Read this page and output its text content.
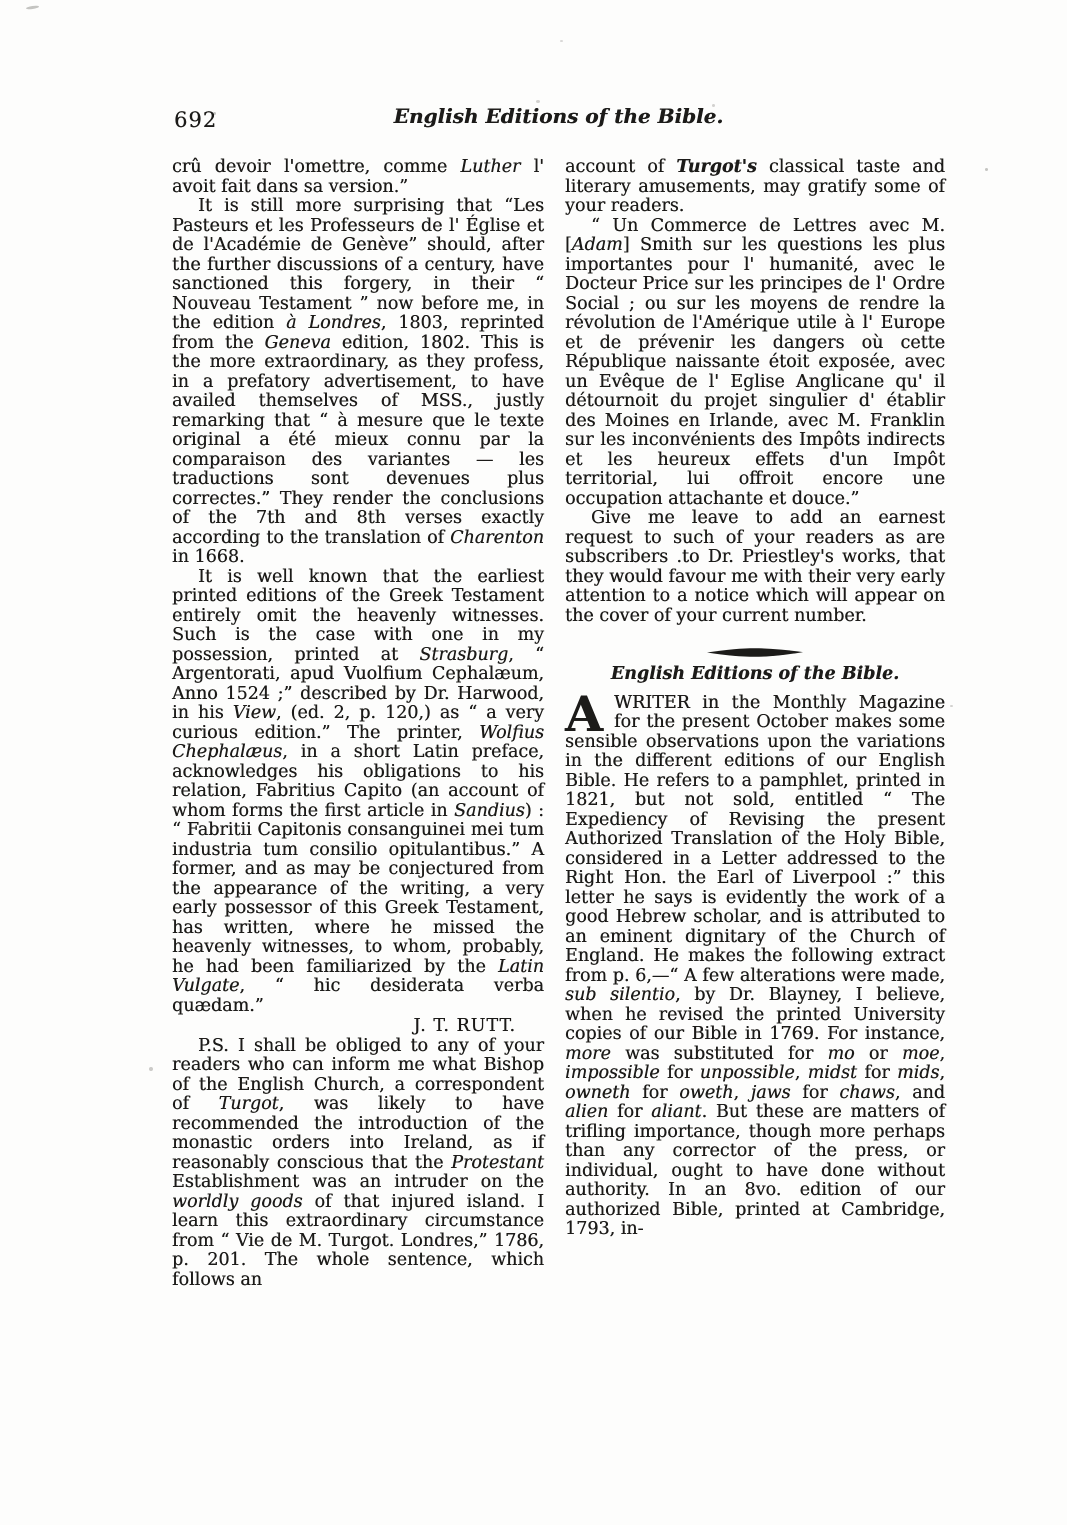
692	English Editions of the Bible.

crû devoir l'omettre, comme Luther l' avoit fait dans sa version.”

It is still more surprising that “Les Pasteurs et les Professeurs de l' Église et de l'Académie de Genève” should, after the further discussions of a century, have sanctioned this forgery, in their “ Nouveau Testament ” now before me, in the edition à Londres, 1803, reprinted from the Geneva edition, 1802. This is the more extraordinary, as they profess, in a prefatory advertisement, to have availed themselves of MSS., justly remarking that “ à mesure que le texte original a été mieux connu par la comparaison des variantes — les traductions sont devenues plus correctes.” They render the conclusions of the 7th and 8th verses exactly according to the translation of Charenton in 1668.

It is well known that the earliest printed editions of the Greek Testament entirely omit the heavenly witnesses. Such is the case with one in my possession, printed at Strasburg, “ Argentorati, apud Vuolfium Cephalæum, Anno 1524 ;” described by Dr. Harwood, in his View, (ed. 2, p. 120,) as “ a very curious edition.” The printer, Wolfius Chephalæus, in a short Latin preface, acknowledges his obligations to his relation, Fabritius Capito (an account of whom forms the first article in Sandius) : “ Fabritii Capitonis consanguinei mei tum industria tum consilio opitulantibus.” A former, and as may be conjectured from the appearance of the writing, a very early possessor of this Greek Testament, has written, where he missed the heavenly witnesses, to whom, probably, he had been familiarized by the Latin Vulgate, “ hic desiderata verba quædam.”

J. T. RUTT.

P.S. I shall be obliged to any of your readers who can inform me what Bishop of the English Church, a correspondent of Turgot, was likely to have recommended the introduction of the monastic orders into Ireland, as if reasonably conscious that the Protestant Establishment was an intruder on the worldly goods of that injured island. I learn this extraordinary circumstance from “ Vie de M. Turgot. Londres,” 1786, p. 201. The whole sentence, which follows an

account of Turgot's classical taste and literary amusements, may gratify some of your readers.

“ Un Commerce de Lettres avec M. [Adam] Smith sur les questions les plus importantes pour l' humanité, avec le Docteur Price sur les principes de l' Ordre Social ; ou sur les moyens de rendre la révolution de l'Amérique utile à l' Europe et de prévenir les dangers où cette République naissante étoit exposée, avec un Evêque de l' Eglise Anglicane qu' il détournoit du projet singulier d' établir des Moines en Irlande, avec M. Franklin sur les inconvénients des Impôts indirects et les heureux effets d'un Impôt territorial, lui offroit encore une occupation attachante et douce.”

Give me leave to add an earnest request to such of your readers as are subscribers .to Dr. Priestley's works, that they would favour me with their very early attention to a notice which will appear on the cover of your current number.

English Editions of the Bible.

AWRITER in the Monthly Magazine for the present October makes some sensible observations upon the variations in the different editions of our English Bible. He refers to a pamphlet, printed in 1821, but not sold, entitled “ The Expediency of Revising the present Authorized Translation of the Holy Bible, considered in a Letter addressed to the Right Hon. the Earl of Liverpool :” this letter he says is evidently the work of a good Hebrew scholar, and is attributed to an eminent dignitary of the Church of England. He makes the following extract from p. 6,—“ A few alterations were made, sub silentio, by Dr. Blayney, I believe, when he revised the printed University copies of our Bible in 1769. For instance, more was substituted for mo or moe, impossible for unpossible, midst for mids, owneth for oweth, jaws for chaws, and alien for aliant. But these are matters of trifling importance, though more perhaps than any corrector of the press, or individual, ought to have done without authority. In an 8vo. edition of our authorized Bible, printed at Cambridge, 1793, in-
